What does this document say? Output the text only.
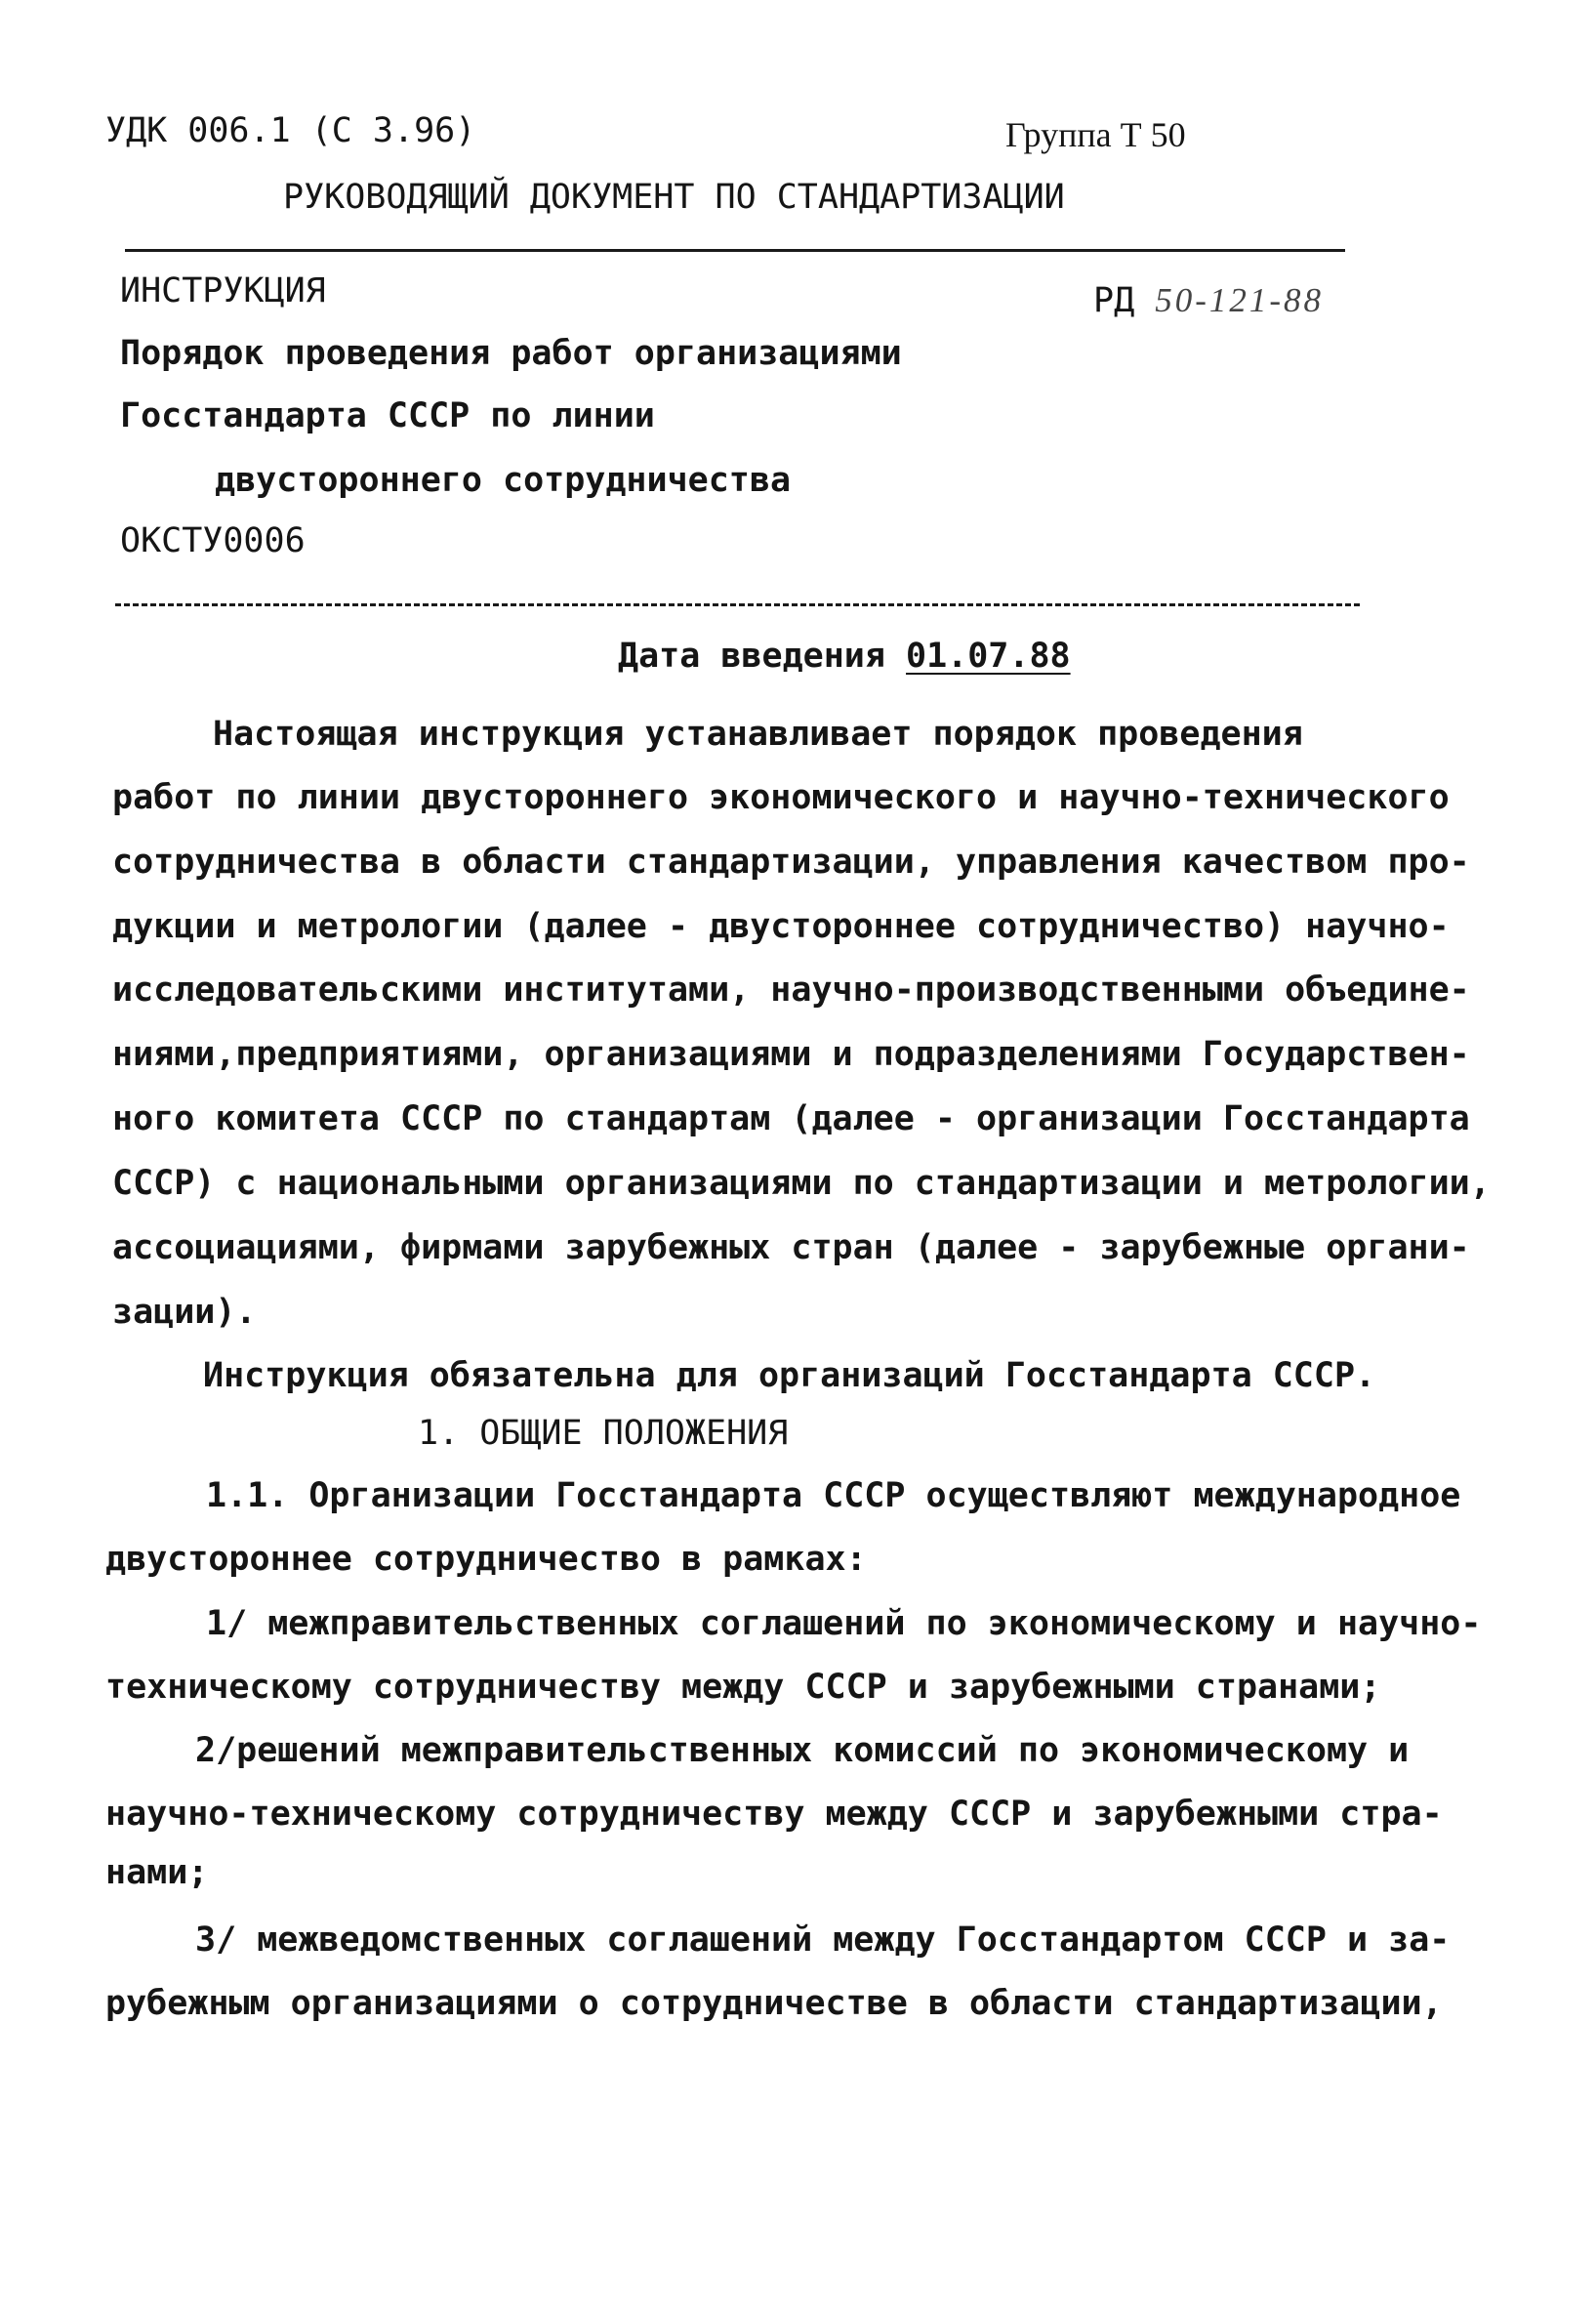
УДК 006.1 (С 3.96)	Группа Т 50
РУКОВОДЯЩИЙ ДОКУМЕНТ ПО СТАНДАРТИЗАЦИИ
ИНСТРУКЦИЯ	РД 50-121-88
Порядок проведения работ организациями
Госстандарта СССР по линии
двустороннего сотрудничества
ОКСТУ0006
Дата введения 01.07.88
Настоящая инструкция устанавливает порядок проведения
работ по линии двустороннего экономического и научно-технического
сотрудничества в области стандартизации, управления качеством про-
дукции и метрологии (далее - двустороннее сотрудничество) научно-
исследовательскими институтами, научно-производственными объедине-
ниями,предприятиями, организациями и подразделениями Государствен-
ного комитета СССР по стандартам (далее - организации Госстандарта
СССР) с национальными организациями по стандартизации и метрологии,
ассоциациями, фирмами зарубежных стран (далее - зарубежные органи-
зации).
Инструкция обязательна для организаций Госстандарта СССР.
1. ОБЩИЕ ПОЛОЖЕНИЯ
1.1. Организации Госстандарта СССР осуществляют международное
двустороннее сотрудничество в рамках:
1/ межправительственных соглашений по экономическому и научно-
техническому сотрудничеству между СССР и зарубежными странами;
2/решений межправительственных комиссий по экономическому и
научно-техническому сотрудничеству между СССР и зарубежными стра-
нами;
3/ межведомственных соглашений между Госстандартом СССР и за-
рубежным организациями о сотрудничестве в области стандартизации,
